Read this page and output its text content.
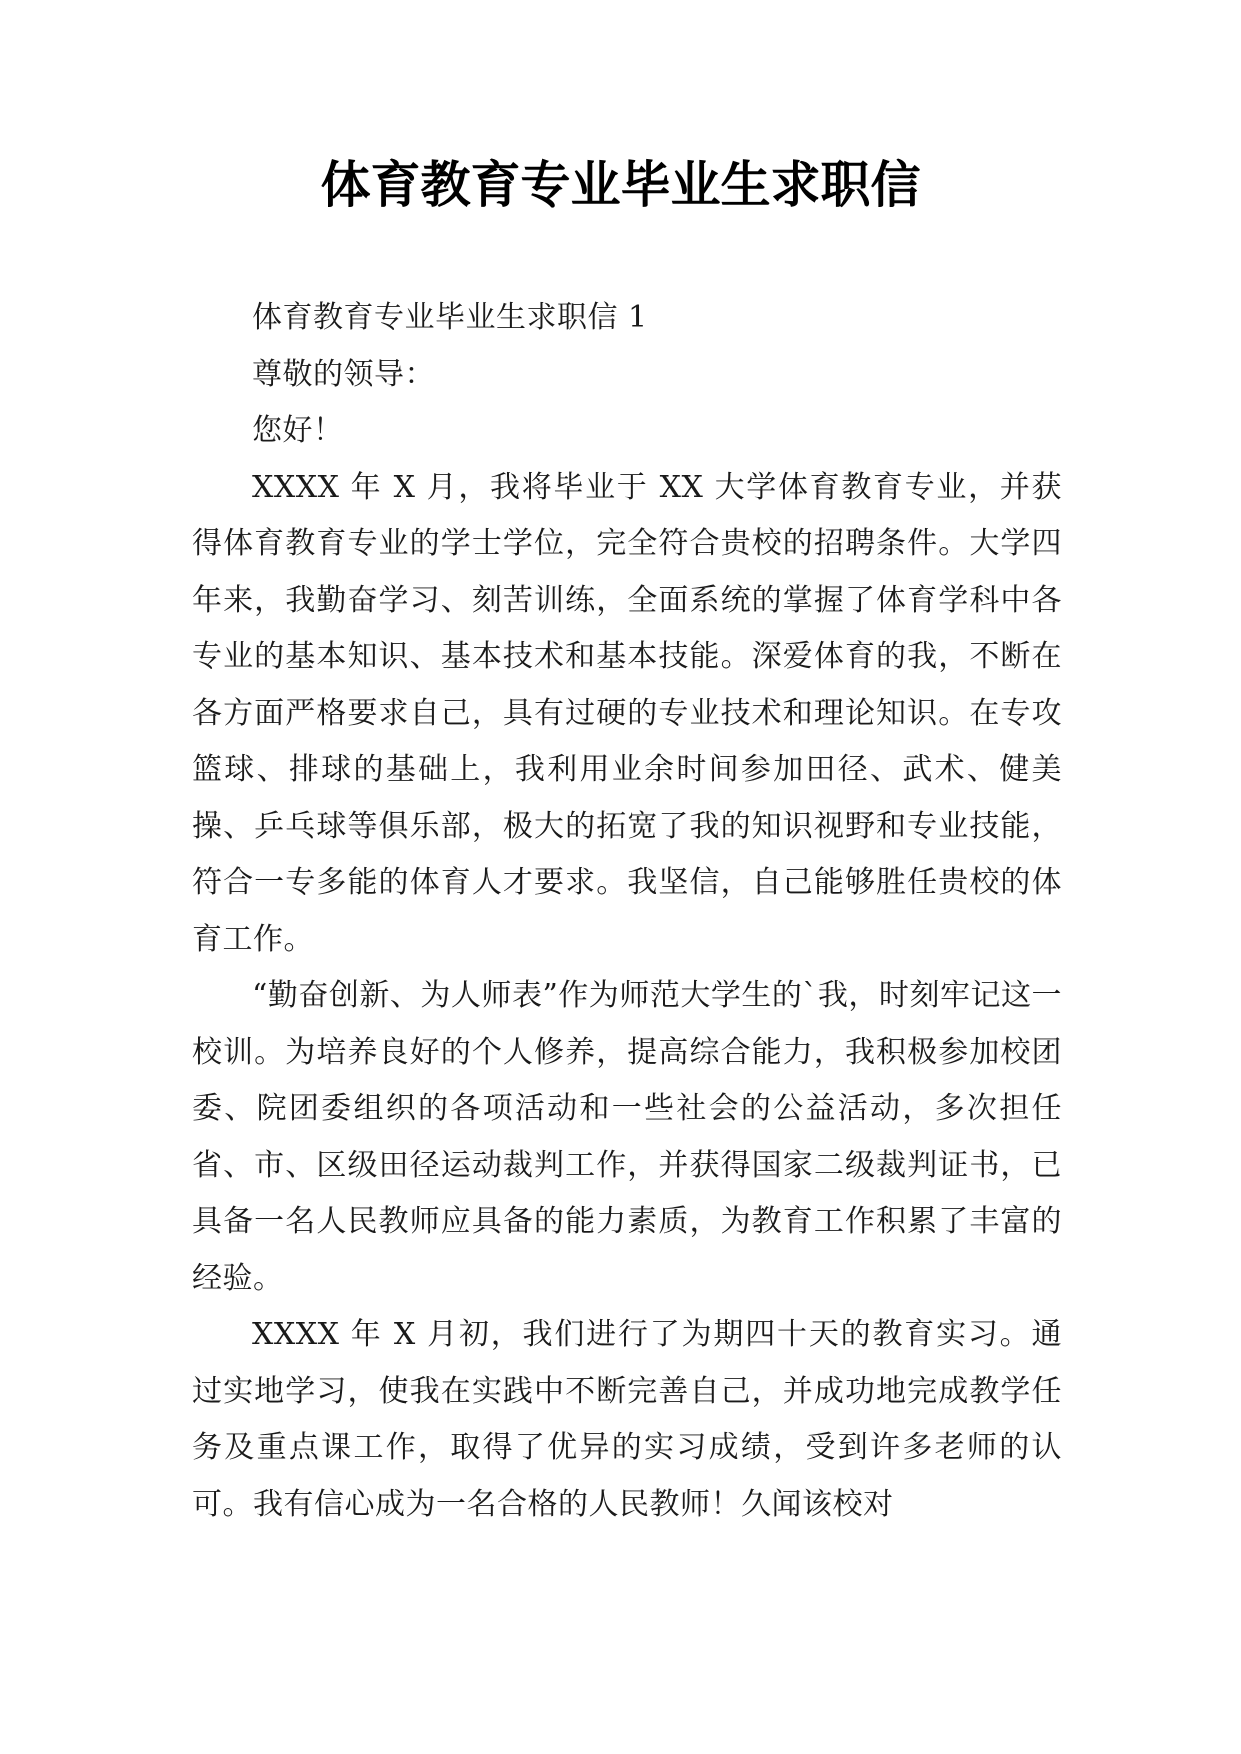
体育教育专业毕业生求职信

体育教育专业毕业生求职信 1

尊敬的领导：

您好！

XXXX 年 X 月，我将毕业于 XX 大学体育教育专业，并获得体育教育专业的学士学位，完全符合贵校的招聘条件。大学四年来，我勤奋学习、刻苦训练，全面系统的掌握了体育学科中各专业的基本知识、基本技术和基本技能。深爱体育的我，不断在各方面严格要求自己，具有过硬的专业技术和理论知识。在专攻篮球、排球的基础上，我利用业余时间参加田径、武术、健美操、乒乓球等俱乐部，极大的拓宽了我的知识视野和专业技能，符合一专多能的体育人才要求。我坚信，自己能够胜任贵校的体育工作。

“勤奋创新、为人师表”作为师范大学生的`我，时刻牢记这一校训。为培养良好的个人修养，提高综合能力，我积极参加校团委、院团委组织的各项活动和一些社会的公益活动，多次担任省、市、区级田径运动裁判工作，并获得国家二级裁判证书，已具备一名人民教师应具备的能力素质，为教育工作积累了丰富的经验。

XXXX 年 X 月初，我们进行了为期四十天的教育实习。通过实地学习，使我在实践中不断完善自己，并成功地完成教学任务及重点课工作，取得了优异的实习成绩，受到许多老师的认可。我有信心成为一名合格的人民教师！久闻该校对
